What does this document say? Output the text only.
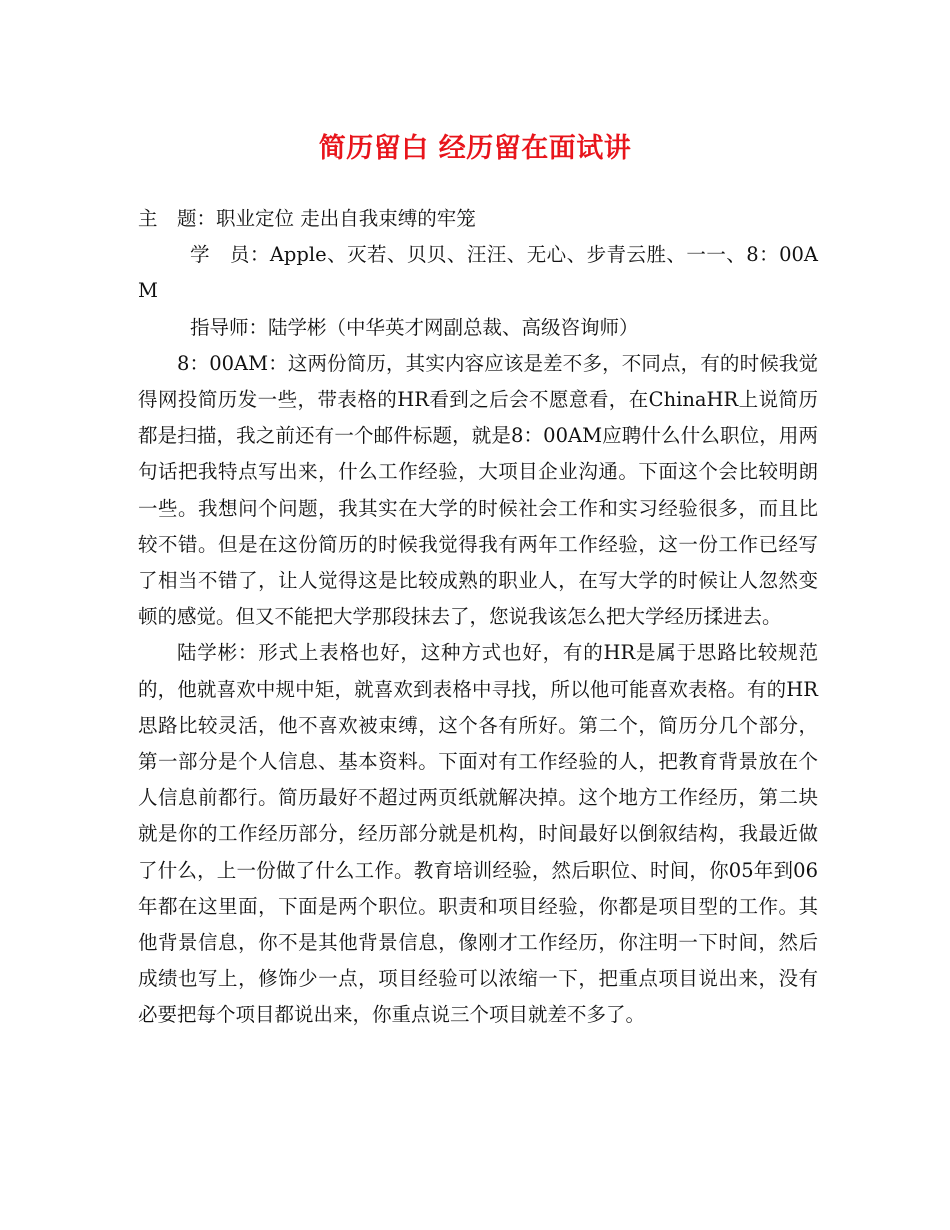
简历留白 经历留在面试讲

主　题：职业定位 走出自我束缚的牢笼

学　员：Apple、灭若、贝贝、汪汪、无心、步青云胜、一一、8：00AM

指导师：陆学彬（中华英才网副总裁、高级咨询师）

8：00AM：这两份简历，其实内容应该是差不多，不同点，有的时候我觉得网投简历发一些，带表格的HR看到之后会不愿意看，在ChinaHR上说简历都是扫描，我之前还有一个邮件标题，就是8：00AM应聘什么什么职位，用两句话把我特点写出来，什么工作经验，大项目企业沟通。下面这个会比较明朗一些。我想问个问题，我其实在大学的时候社会工作和实习经验很多，而且比较不错。但是在这份简历的时候我觉得我有两年工作经验，这一份工作已经写了相当不错了，让人觉得这是比较成熟的职业人，在写大学的时候让人忽然变顿的感觉。但又不能把大学那段抹去了，您说我该怎么把大学经历揉进去。

陆学彬：形式上表格也好，这种方式也好，有的HR是属于思路比较规范的，他就喜欢中规中矩，就喜欢到表格中寻找，所以他可能喜欢表格。有的HR思路比较灵活，他不喜欢被束缚，这个各有所好。第二个，简历分几个部分，第一部分是个人信息、基本资料。下面对有工作经验的人，把教育背景放在个人信息前都行。简历最好不超过两页纸就解决掉。这个地方工作经历，第二块就是你的工作经历部分，经历部分就是机构，时间最好以倒叙结构，我最近做了什么，上一份做了什么工作。教育培训经验，然后职位、时间，你05年到06年都在这里面，下面是两个职位。职责和项目经验，你都是项目型的工作。其他背景信息，你不是其他背景信息，像刚才工作经历，你注明一下时间，然后成绩也写上，修饰少一点，项目经验可以浓缩一下，把重点项目说出来，没有必要把每个项目都说出来，你重点说三个项目就差不多了。
